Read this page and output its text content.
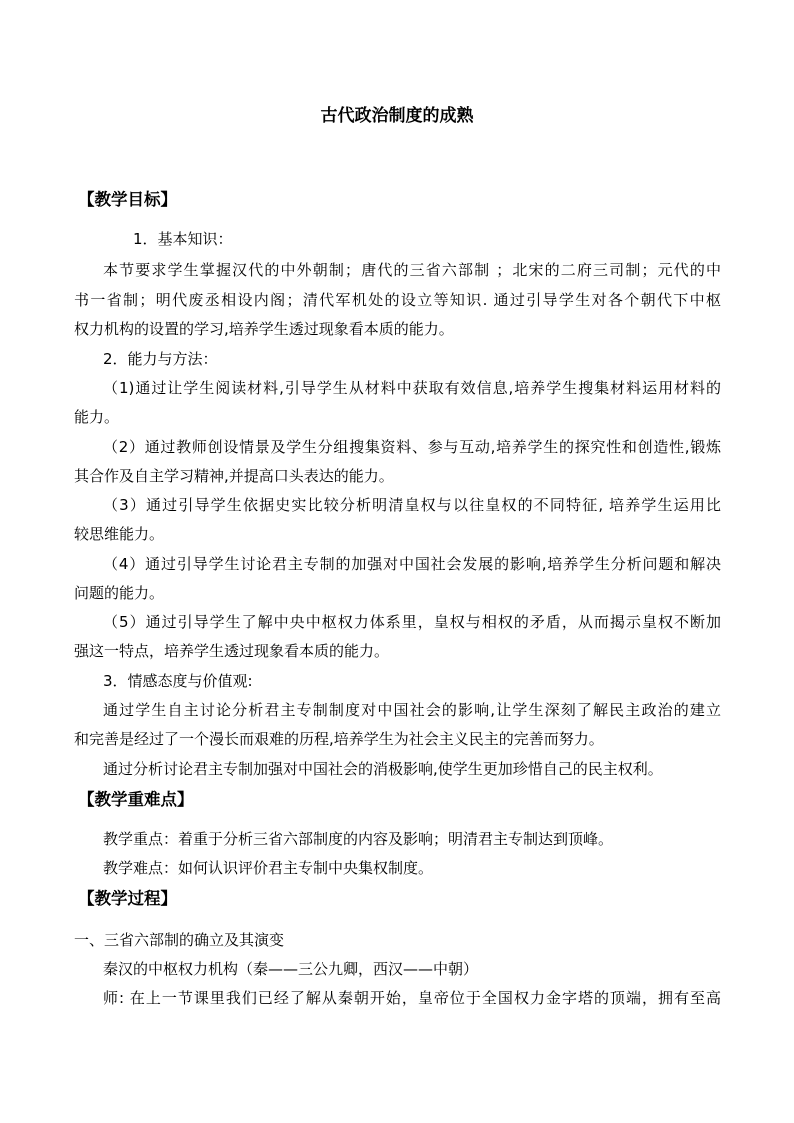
古代政治制度的成熟
【教学目标】
1．基本知识：
本节要求学生掌握汉代的中外朝制；唐代的三省六部制 ；北宋的二府三司制；元代的中
书一省制；明代废丞相设内阁；清代军机处的设立等知识. 通过引导学生对各个朝代下中枢
权力机构的设置的学习,培养学生透过现象看本质的能力。
2．能力与方法：
（1)通过让学生阅读材料,引导学生从材料中获取有效信息,培养学生搜集材料运用材料的
能力。
（2）通过教师创设情景及学生分组搜集资料、参与互动,培养学生的探究性和创造性,锻炼
其合作及自主学习精神,并提高口头表达的能力。
（3）通过引导学生依据史实比较分析明清皇权与以往皇权的不同特征, 培养学生运用比
较思维能力。
（4）通过引导学生讨论君主专制的加强对中国社会发展的影响,培养学生分析问题和解决
问题的能力。
（5）通过引导学生了解中央中枢权力体系里，皇权与相权的矛盾，从而揭示皇权不断加
强这一特点，培养学生透过现象看本质的能力。
3．情感态度与价值观:
通过学生自主讨论分析君主专制制度对中国社会的影响,让学生深刻了解民主政治的建立
和完善是经过了一个漫长而艰难的历程,培养学生为社会主义民主的完善而努力。
通过分析讨论君主专制加强对中国社会的消极影响,使学生更加珍惜自己的民主权利。
【教学重难点】
教学重点：着重于分析三省六部制度的内容及影响；明清君主专制达到顶峰。
教学难点：如何认识评价君主专制中央集权制度。
【教学过程】
一、三省六部制的确立及其演变
秦汉的中枢权力机构（秦——三公九卿，西汉——中朝）
师: 在上一节课里我们已经了解从秦朝开始，皇帝位于全国权力金字塔的顶端，拥有至高
